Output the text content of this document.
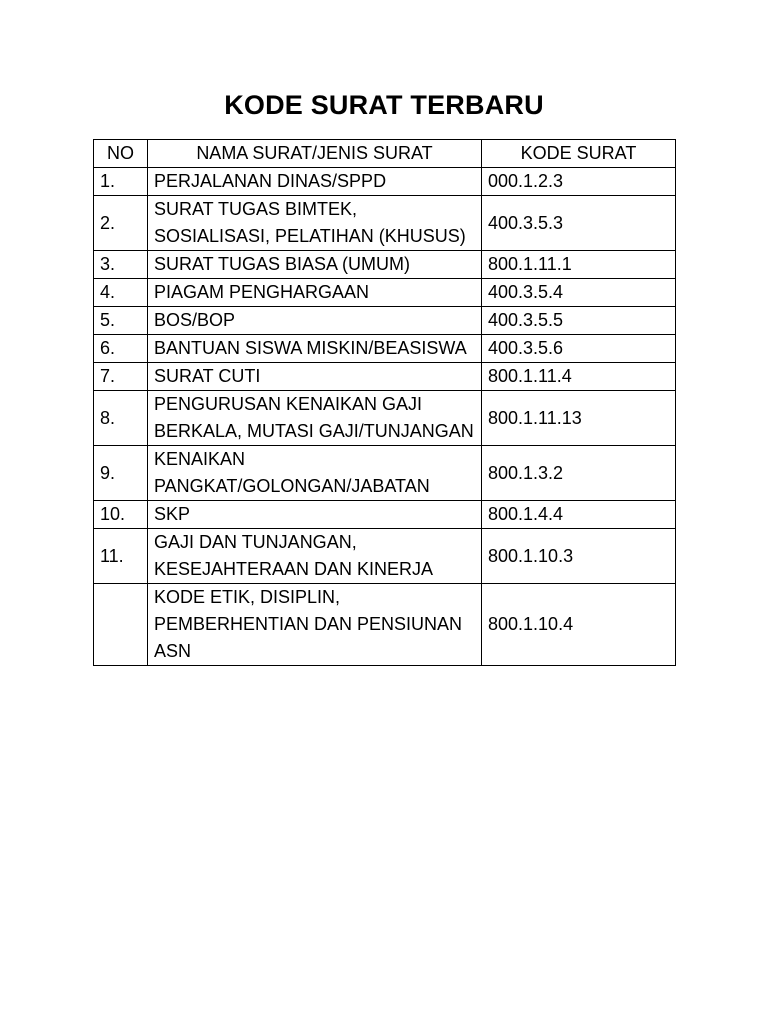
KODE SURAT TERBARU
NO	NAMA SURAT/JENIS SURAT	KODE SURAT
1.	PERJALANAN DINAS/SPPD	000.1.2.3
2.	SURAT TUGAS BIMTEK, SOSIALISASI, PELATIHAN (KHUSUS)	400.3.5.3
3.	SURAT TUGAS BIASA (UMUM)	800.1.11.1
4.	PIAGAM PENGHARGAAN	400.3.5.4
5.	BOS/BOP	400.3.5.5
6.	BANTUAN SISWA MISKIN/BEASISWA	400.3.5.6
7.	SURAT CUTI	800.1.11.4
8.	PENGURUSAN KENAIKAN GAJI BERKALA, MUTASI GAJI/TUNJANGAN	800.1.11.13
9.	KENAIKAN PANGKAT/GOLONGAN/JABATAN	800.1.3.2
10.	SKP	800.1.4.4
11.	GAJI DAN TUNJANGAN, KESEJAHTERAAN DAN KINERJA	800.1.10.3
	KODE ETIK, DISIPLIN, PEMBERHENTIAN DAN PENSIUNAN ASN	800.1.10.4
